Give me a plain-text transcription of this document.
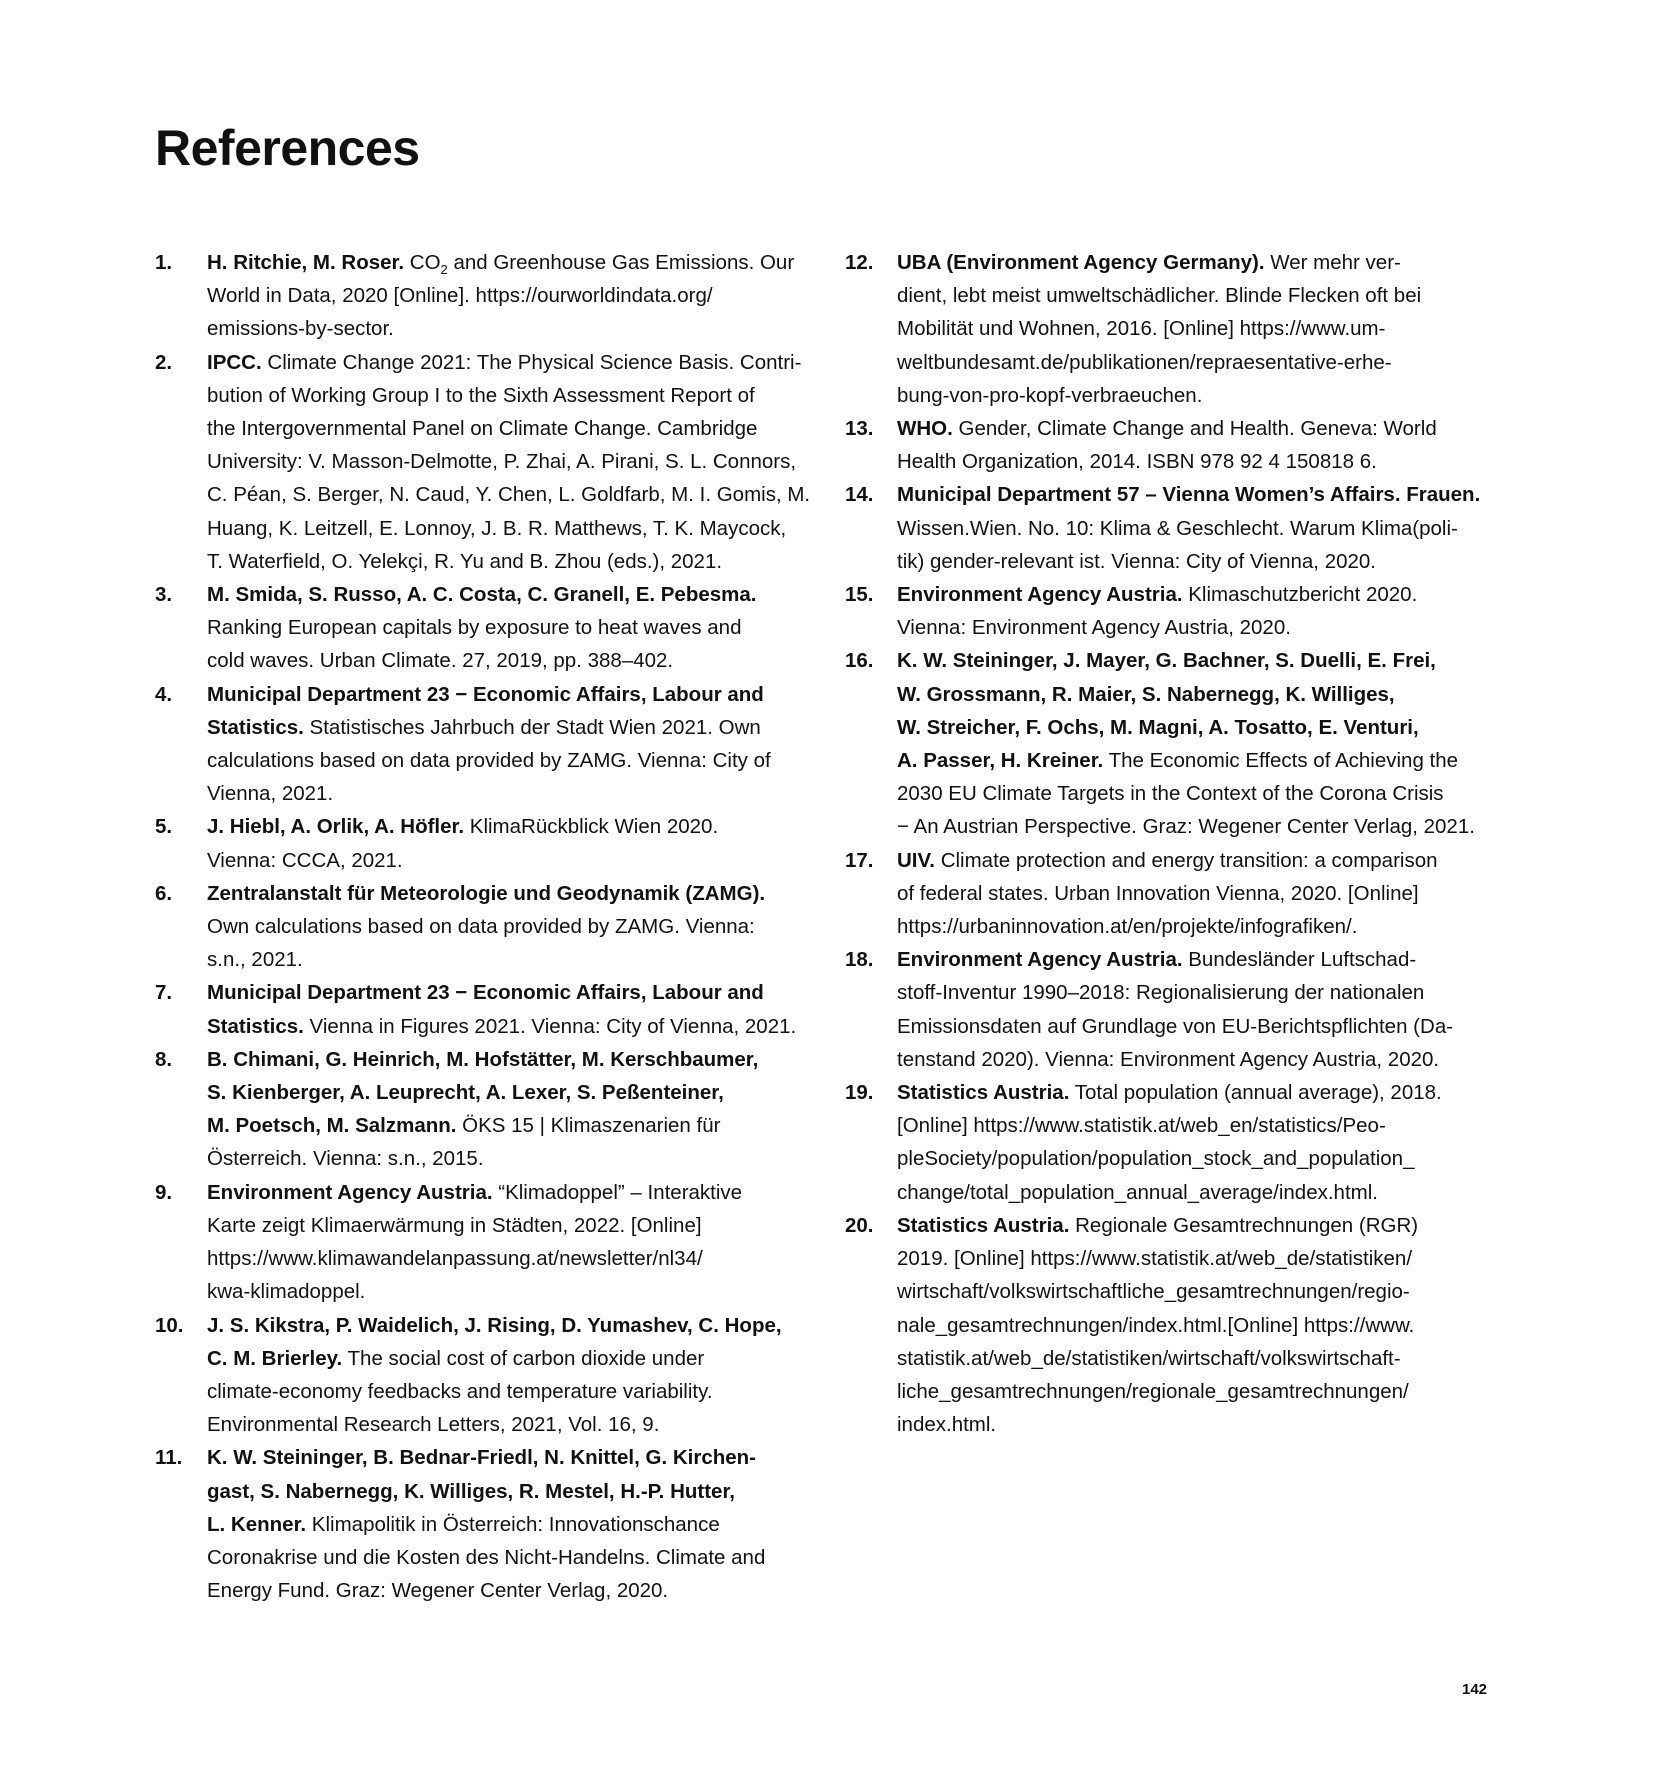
References
1. H. Ritchie, M. Roser. $CO_2$ and Greenhouse Gas Emissions. Our
World in Data, 2020 [Online]. https://ourworldindata.org/
emissions-by-sector.
2. IPCC. Climate Change 2021: The Physical Science Basis. Contri-
bution of Working Group I to the Sixth Assessment Report of
the Intergovernmental Panel on Climate Change. Cambridge
University: V. Masson-Delmotte, P. Zhai, A. Pirani, S. L. Connors,
C. Péan, S. Berger, N. Caud, Y. Chen, L. Goldfarb, M. I. Gomis, M.
Huang, K. Leitzell, E. Lonnoy, J. B. R. Matthews, T. K. Maycock,
T. Waterfield, O. Yelekçi, R. Yu and B. Zhou (eds.), 2021.
3. M. Smida, S. Russo, A. C. Costa, C. Granell, E. Pebesma.
Ranking European capitals by exposure to heat waves and
cold waves. Urban Climate. 27, 2019, pp. 388–402.
4. Municipal Department 23 − Economic Affairs, Labour and
Statistics. Statistisches Jahrbuch der Stadt Wien 2021. Own
calculations based on data provided by ZAMG. Vienna: City of
Vienna, 2021.
5. J. Hiebl, A. Orlik, A. Höfler. KlimaRückblick Wien 2020.
Vienna: CCCA, 2021.
6. Zentralanstalt für Meteorologie und Geodynamik (ZAMG).
Own calculations based on data provided by ZAMG. Vienna:
s.n., 2021.
7. Municipal Department 23 − Economic Affairs, Labour and
Statistics. Vienna in Figures 2021. Vienna: City of Vienna, 2021.
8. B. Chimani, G. Heinrich, M. Hofstätter, M. Kerschbaumer,
S. Kienberger, A. Leuprecht, A. Lexer, S. Peßenteiner,
M. Poetsch, M. Salzmann. ÖKS 15 | Klimaszenarien für
Österreich. Vienna: s.n., 2015.
9. Environment Agency Austria. “Klimadoppel” – Interaktive
Karte zeigt Klimaerwärmung in Städten, 2022. [Online]
https://www.klimawandelanpassung.at/newsletter/nl34/
kwa-klimadoppel.
10. J. S. Kikstra, P. Waidelich, J. Rising, D. Yumashev, C. Hope,
C. M. Brierley. The social cost of carbon dioxide under
climate-economy feedbacks and temperature variability.
Environmental Research Letters, 2021, Vol. 16, 9.
11. K. W. Steininger, B. Bednar-Friedl, N. Knittel, G. Kirchen-
gast, S. Nabernegg, K. Williges, R. Mestel, H.-P. Hutter,
L. Kenner. Klimapolitik in Österreich: Innovationschance
Coronakrise und die Kosten des Nicht-Handelns. Climate and
Energy Fund. Graz: Wegener Center Verlag, 2020.
12. UBA (Environment Agency Germany). Wer mehr ver-
dient, lebt meist umweltschädlicher. Blinde Flecken oft bei
Mobilität und Wohnen, 2016. [Online] https://www.um-
weltbundesamt.de/publikationen/repraesentative-erhe-
bung-von-pro-kopf-verbraeuchen.
13. WHO. Gender, Climate Change and Health. Geneva: World
Health Organization, 2014. ISBN 978 92 4 150818 6.
14. Municipal Department 57 – Vienna Women’s Affairs. Frauen.
Wissen.Wien. No. 10: Klima & Geschlecht. Warum Klima(poli-
tik) gender-relevant ist. Vienna: City of Vienna, 2020.
15. Environment Agency Austria. Klimaschutzbericht 2020.
Vienna: Environment Agency Austria, 2020.
16. K. W. Steininger, J. Mayer, G. Bachner, S. Duelli, E. Frei,
W. Grossmann, R. Maier, S. Nabernegg, K. Williges,
W. Streicher, F. Ochs, M. Magni, A. Tosatto, E. Venturi,
A. Passer, H. Kreiner. The Economic Effects of Achieving the
2030 EU Climate Targets in the Context of the Corona Crisis
− An Austrian Perspective. Graz: Wegener Center Verlag, 2021.
17. UIV. Climate protection and energy transition: a comparison
of federal states. Urban Innovation Vienna, 2020. [Online]
https://urbaninnovation.at/en/projekte/infografiken/.
18. Environment Agency Austria. Bundesländer Luftschad-
stoff-Inventur 1990–2018: Regionalisierung der nationalen
Emissionsdaten auf Grundlage von EU-Berichtspflichten (Da-
tenstand 2020). Vienna: Environment Agency Austria, 2020.
19. Statistics Austria. Total population (annual average), 2018.
[Online] https://www.statistik.at/web_en/statistics/Peo-
pleSociety/population/population_stock_and_population_
change/total_population_annual_average/index.html.
20. Statistics Austria. Regionale Gesamtrechnungen (RGR)
2019. [Online] https://www.statistik.at/web_de/statistiken/
wirtschaft/volkswirtschaftliche_gesamtrechnungen/regio-
nale_gesamtrechnungen/index.html.[Online] https://www.
statistik.at/web_de/statistiken/wirtschaft/volkswirtschaft-
liche_gesamtrechnungen/regionale_gesamtrechnungen/
index.html.
142
